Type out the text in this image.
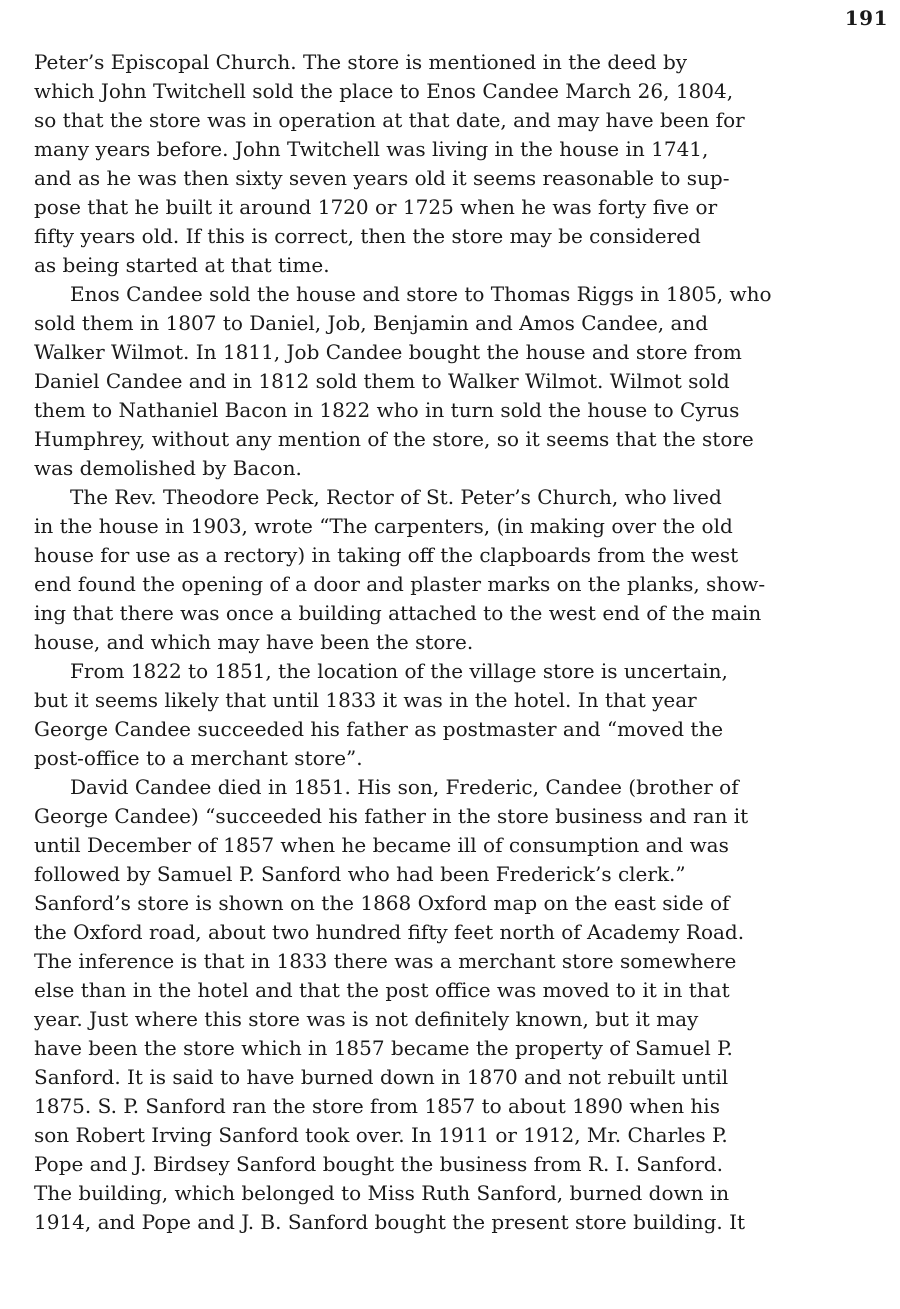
191
Peter’s Episcopal Church. The store is mentioned in the deed by
which John Twitchell sold the place to Enos Candee March 26, 1804,
so that the store was in operation at that date, and may have been for
many years before. John Twitchell was living in the house in 1741,
and as he was then sixty seven years old it seems reasonable to sup-
pose that he built it around 1720 or 1725 when he was forty five or
fifty years old. If this is correct, then the store may be considered
as being started at that time.
Enos Candee sold the house and store to Thomas Riggs in 1805, who
sold them in 1807 to Daniel, Job, Benjamin and Amos Candee, and
Walker Wilmot. In 1811, Job Candee bought the house and store from
Daniel Candee and in 1812 sold them to Walker Wilmot. Wilmot sold
them to Nathaniel Bacon in 1822 who in turn sold the house to Cyrus
Humphrey, without any mention of the store, so it seems that the store
was demolished by Bacon.
The Rev. Theodore Peck, Rector of St. Peter’s Church, who lived
in the house in 1903, wrote “The carpenters, (in making over the old
house for use as a rectory) in taking off the clapboards from the west
end found the opening of a door and plaster marks on the planks, show-
ing that there was once a building attached to the west end of the main
house, and which may have been the store.
From 1822 to 1851, the location of the village store is uncertain,
but it seems likely that until 1833 it was in the hotel. In that year
George Candee succeeded his father as postmaster and “moved the
post-office to a merchant store”.
David Candee died in 1851. His son, Frederic, Candee (brother of
George Candee) “succeeded his father in the store business and ran it
until December of 1857 when he became ill of consumption and was
followed by Samuel P. Sanford who had been Frederick’s clerk.”
Sanford’s store is shown on the 1868 Oxford map on the east side of
the Oxford road, about two hundred fifty feet north of Academy Road.
The inference is that in 1833 there was a merchant store somewhere
else than in the hotel and that the post office was moved to it in that
year. Just where this store was is not definitely known, but it may
have been the store which in 1857 became the property of Samuel P.
Sanford. It is said to have burned down in 1870 and not rebuilt until
1875. S. P. Sanford ran the store from 1857 to about 1890 when his
son Robert Irving Sanford took over. In 1911 or 1912, Mr. Charles P.
Pope and J. Birdsey Sanford bought the business from R. I. Sanford.
The building, which belonged to Miss Ruth Sanford, burned down in
1914, and Pope and J. B. Sanford bought the present store building. It
